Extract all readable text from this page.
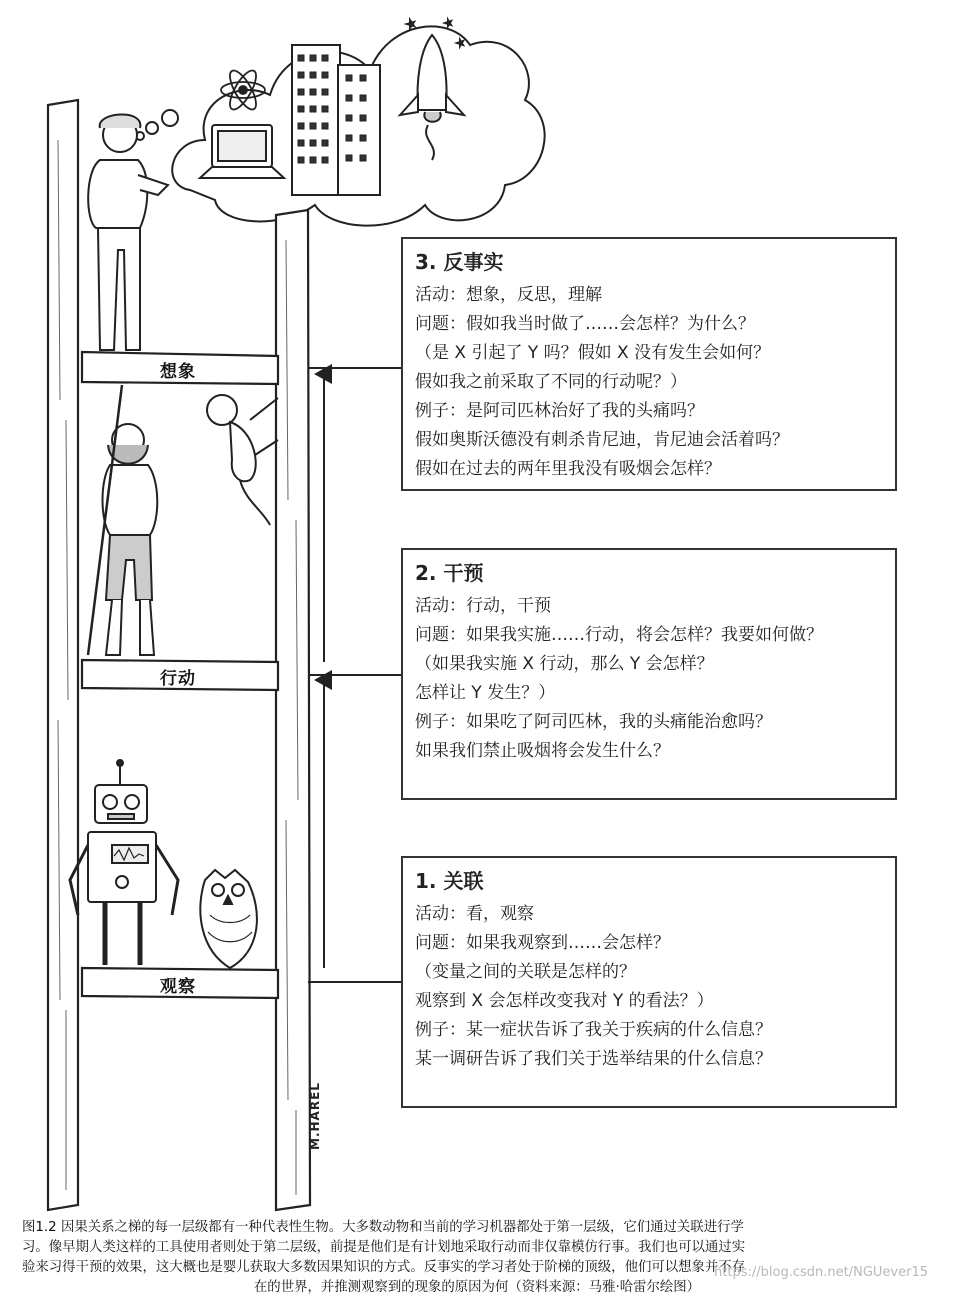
想象
行动
观察
3. 反事实
活动：想象，反思，理解
问题：假如我当时做了……会怎样？为什么？
（是 X 引起了 Y 吗？假如 X 没有发生会如何？
假如我之前采取了不同的行动呢？）
例子：是阿司匹林治好了我的头痛吗？
假如奥斯沃德没有刺杀肯尼迪，肯尼迪会活着吗？
假如在过去的两年里我没有吸烟会怎样？
2. 干预
活动：行动，干预
问题：如果我实施……行动，将会怎样？我要如何做？
（如果我实施 X 行动，那么 Y 会怎样？
怎样让 Y 发生？）
例子：如果吃了阿司匹林，我的头痛能治愈吗？
如果我们禁止吸烟将会发生什么？
1. 关联
活动：看，观察
问题：如果我观察到……会怎样？
（变量之间的关联是怎样的？
观察到 X 会怎样改变我对 Y 的看法？）
例子：某一症状告诉了我关于疾病的什么信息？
某一调研告诉了我们关于选举结果的什么信息？
M.HAREL
图1.2 因果关系之梯的每一层级都有一种代表性生物。大多数动物和当前的学习机器都处于第一层级，它们通过关联进行学
习。像早期人类这样的工具使用者则处于第二层级，前提是他们是有计划地采取行动而非仅靠模仿行事。我们也可以通过实
验来习得干预的效果，这大概也是婴儿获取大多数因果知识的方式。反事实的学习者处于阶梯的顶级，他们可以想象并不存
在的世界，并推测观察到的现象的原因为何（资料来源：马雅·哈雷尔绘图）
https://blog.csdn.net/NGUever15
